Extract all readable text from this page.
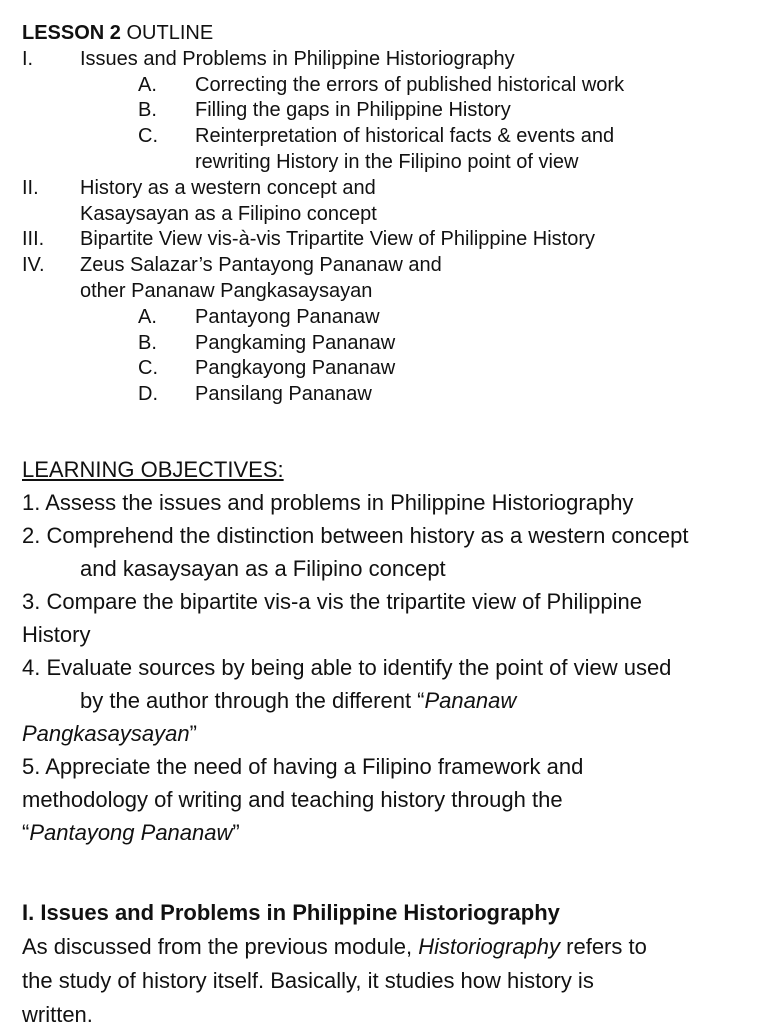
LESSON 2 OUTLINE
I. Issues and Problems in Philippine Historiography
A. Correcting the errors of published historical work
B. Filling the gaps in Philippine History
C. Reinterpretation of historical facts & events and
rewriting History in the Filipino point of view
II. History as a western concept and
Kasaysayan as a Filipino concept
III. Bipartite View vis-à-vis Tripartite View of Philippine History
IV. Zeus Salazar’s Pantayong Pananaw and
other Pananaw Pangkasaysayan
A. Pantayong Pananaw
B. Pangkaming Pananaw
C. Pangkayong Pananaw
D. Pansilang Pananaw
LEARNING OBJECTIVES:
1. Assess the issues and problems in Philippine Historiography
2. Comprehend the distinction between history as a western concept
and kasaysayan as a Filipino concept
3. Compare the bipartite vis-a vis the tripartite view of Philippine
History
4. Evaluate sources by being able to identify the point of view used
by the author through the different “Pananaw
Pangkasaysayan”
5. Appreciate the need of having a Filipino framework and
methodology of writing and teaching history through the
“Pantayong Pananaw”
I. Issues and Problems in Philippine Historiography
As discussed from the previous module, Historiography refers to
the study of history itself. Basically, it studies how history is
written.
